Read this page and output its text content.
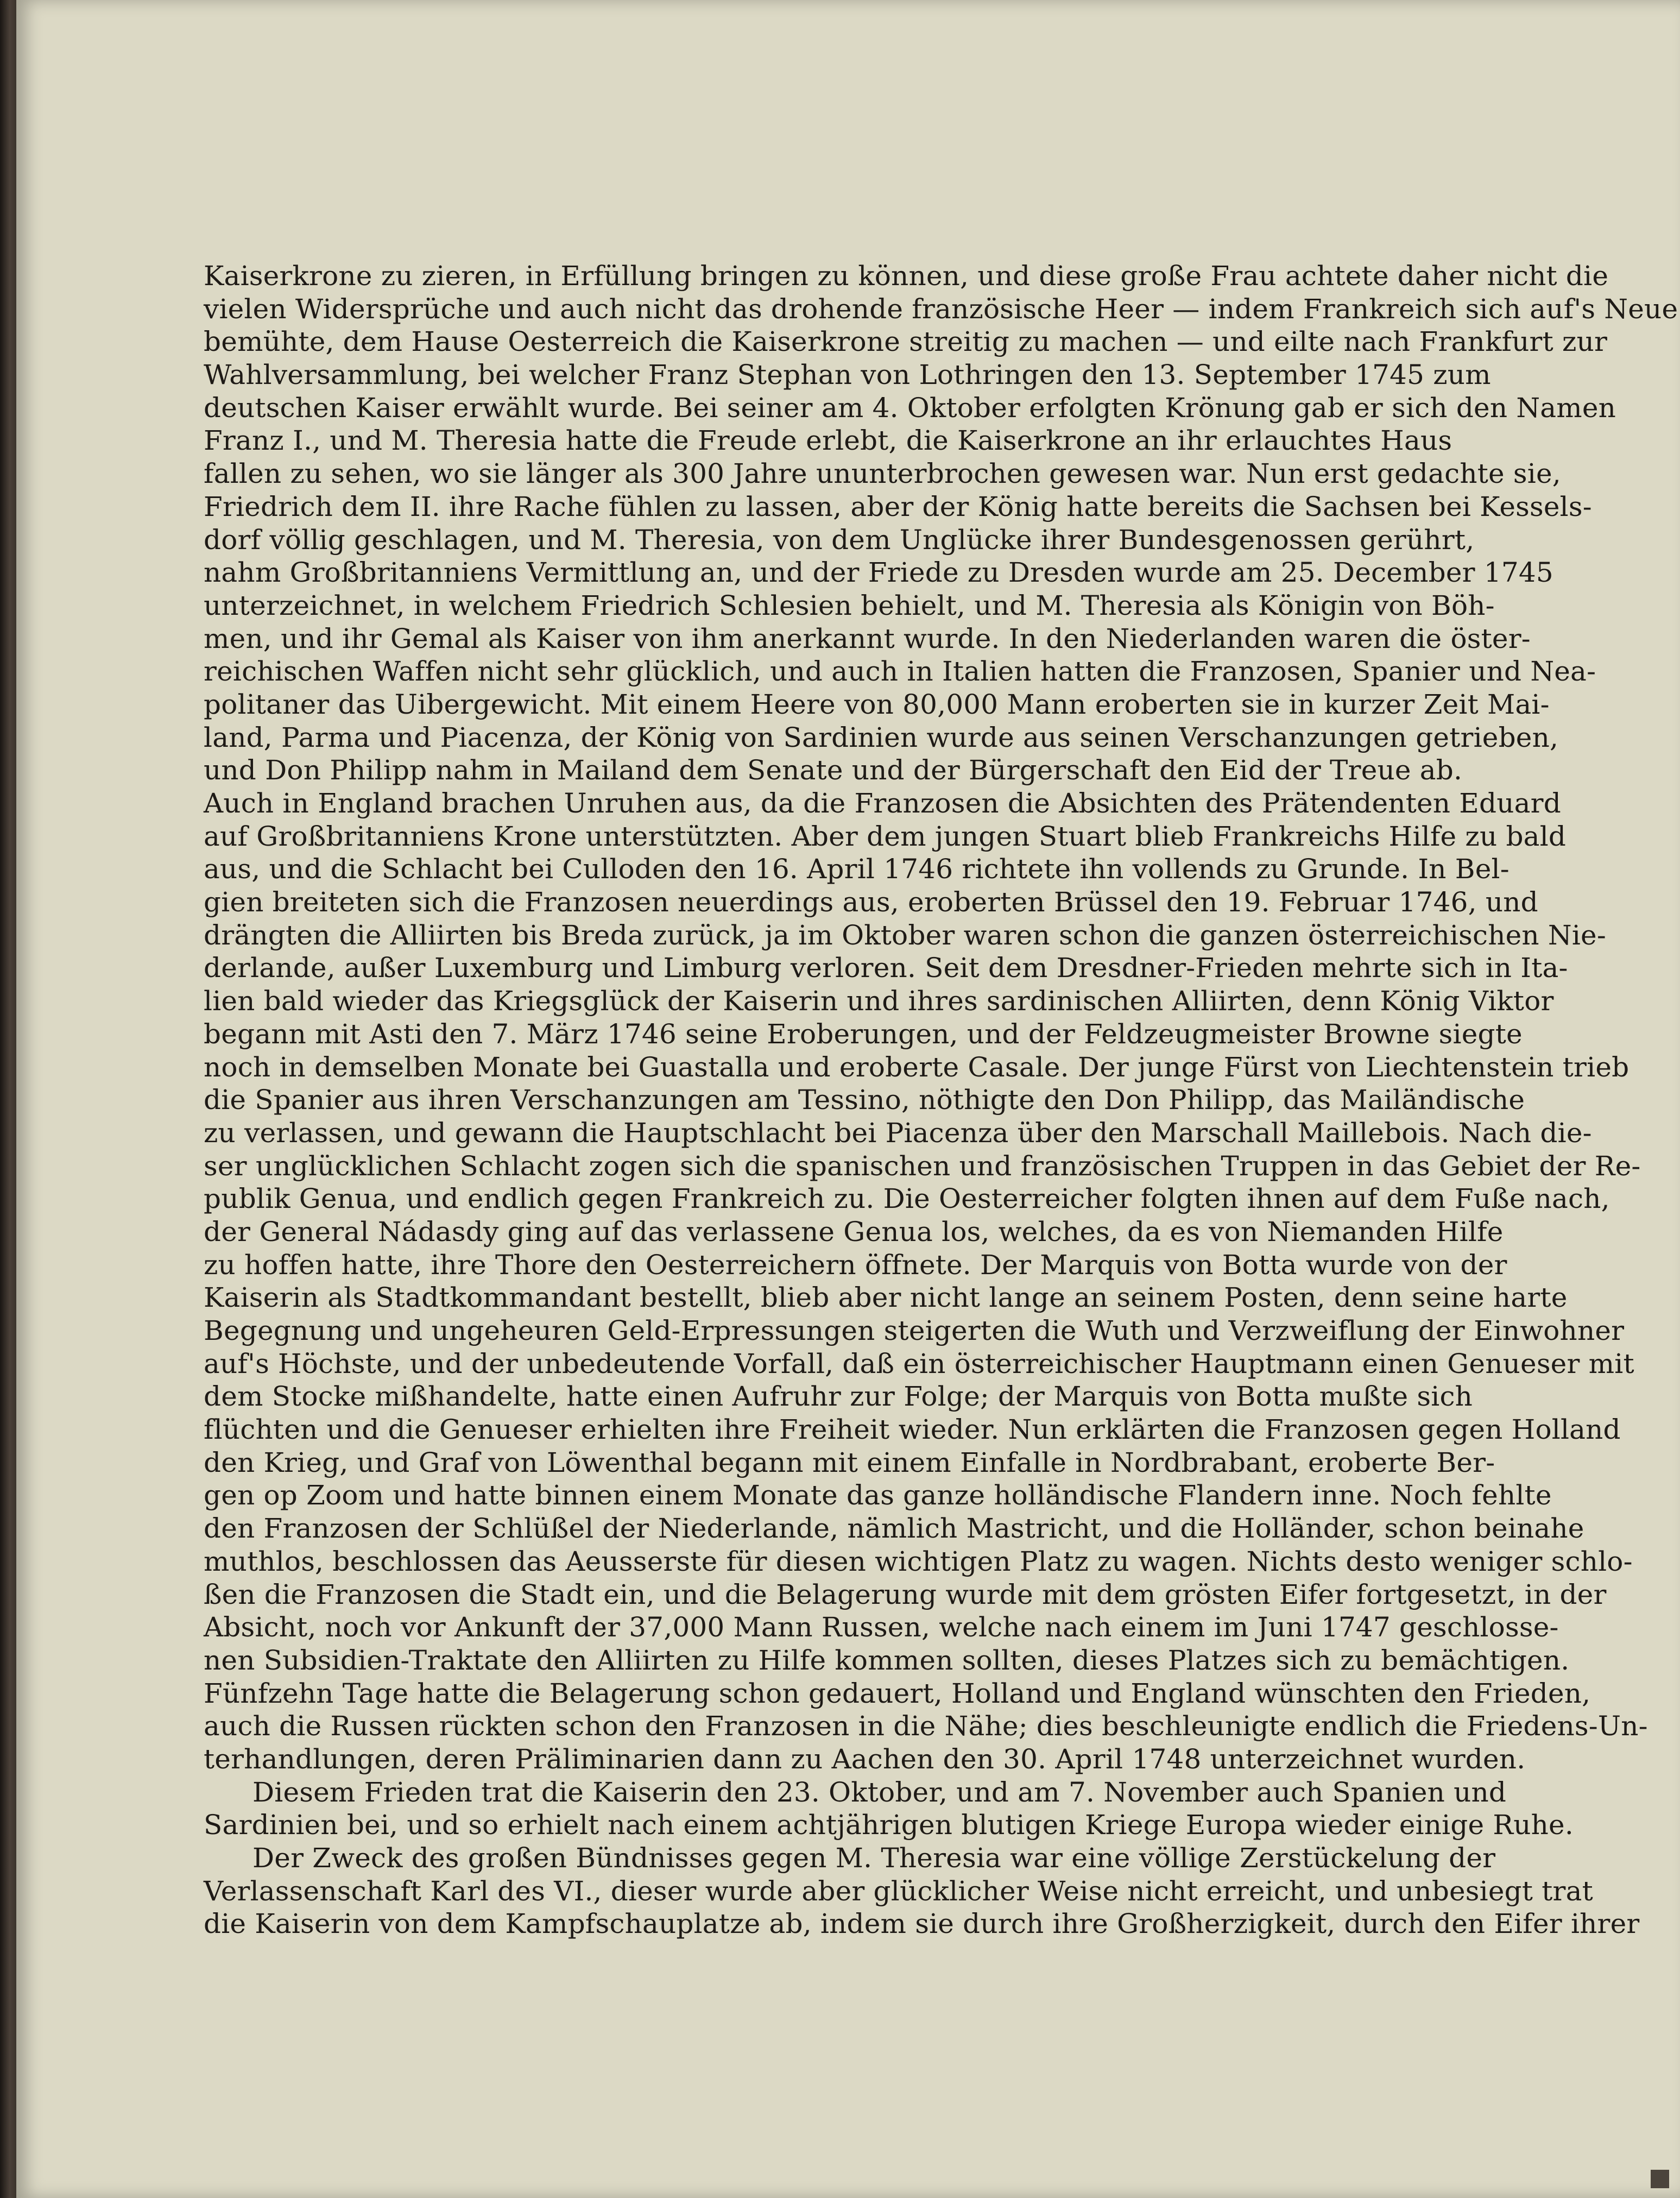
Kaiserkrone zu zieren, in Erfüllung bringen zu können, und diese große Frau achtete daher nicht die
vielen Widersprüche und auch nicht das drohende französische Heer — indem Frankreich sich auf's Neue
bemühte, dem Hause Oesterreich die Kaiserkrone streitig zu machen — und eilte nach Frankfurt zur
Wahlversammlung, bei welcher Franz Stephan von Lothringen den 13. September 1745 zum
deutschen Kaiser erwählt wurde. Bei seiner am 4. Oktober erfolgten Krönung gab er sich den Namen
Franz I., und M. Theresia hatte die Freude erlebt, die Kaiserkrone an ihr erlauchtes Haus
fallen zu sehen, wo sie länger als 300 Jahre ununterbrochen gewesen war. Nun erst gedachte sie,
Friedrich dem II. ihre Rache fühlen zu lassen, aber der König hatte bereits die Sachsen bei Kessels-
dorf völlig geschlagen, und M. Theresia, von dem Unglücke ihrer Bundesgenossen gerührt,
nahm Großbritanniens Vermittlung an, und der Friede zu Dresden wurde am 25. December 1745
unterzeichnet, in welchem Friedrich Schlesien behielt, und M. Theresia als Königin von Böh-
men, und ihr Gemal als Kaiser von ihm anerkannt wurde. In den Niederlanden waren die öster-
reichischen Waffen nicht sehr glücklich, und auch in Italien hatten die Franzosen, Spanier und Nea-
politaner das Uibergewicht. Mit einem Heere von 80,000 Mann eroberten sie in kurzer Zeit Mai-
land, Parma und Piacenza, der König von Sardinien wurde aus seinen Verschanzungen getrieben,
und Don Philipp nahm in Mailand dem Senate und der Bürgerschaft den Eid der Treue ab.
Auch in England brachen Unruhen aus, da die Franzosen die Absichten des Prätendenten Eduard
auf Großbritanniens Krone unterstützten. Aber dem jungen Stuart blieb Frankreichs Hilfe zu bald
aus, und die Schlacht bei Culloden den 16. April 1746 richtete ihn vollends zu Grunde. In Bel-
gien breiteten sich die Franzosen neuerdings aus, eroberten Brüssel den 19. Februar 1746, und
drängten die Alliirten bis Breda zurück, ja im Oktober waren schon die ganzen österreichischen Nie-
derlande, außer Luxemburg und Limburg verloren. Seit dem Dresdner-Frieden mehrte sich in Ita-
lien bald wieder das Kriegsglück der Kaiserin und ihres sardinischen Alliirten, denn König Viktor
begann mit Asti den 7. März 1746 seine Eroberungen, und der Feldzeugmeister Browne siegte
noch in demselben Monate bei Guastalla und eroberte Casale. Der junge Fürst von Liechtenstein trieb
die Spanier aus ihren Verschanzungen am Tessino, nöthigte den Don Philipp, das Mailändische
zu verlassen, und gewann die Hauptschlacht bei Piacenza über den Marschall Maillebois. Nach die-
ser unglücklichen Schlacht zogen sich die spanischen und französischen Truppen in das Gebiet der Re-
publik Genua, und endlich gegen Frankreich zu. Die Oesterreicher folgten ihnen auf dem Fuße nach,
der General Nádasdy ging auf das verlassene Genua los, welches, da es von Niemanden Hilfe
zu hoffen hatte, ihre Thore den Oesterreichern öffnete. Der Marquis von Botta wurde von der
Kaiserin als Stadtkommandant bestellt, blieb aber nicht lange an seinem Posten, denn seine harte
Begegnung und ungeheuren Geld-Erpressungen steigerten die Wuth und Verzweiflung der Einwohner
auf's Höchste, und der unbedeutende Vorfall, daß ein österreichischer Hauptmann einen Genueser mit
dem Stocke mißhandelte, hatte einen Aufruhr zur Folge; der Marquis von Botta mußte sich
flüchten und die Genueser erhielten ihre Freiheit wieder. Nun erklärten die Franzosen gegen Holland
den Krieg, und Graf von Löwenthal begann mit einem Einfalle in Nordbrabant, eroberte Ber-
gen op Zoom und hatte binnen einem Monate das ganze holländische Flandern inne. Noch fehlte
den Franzosen der Schlüßel der Niederlande, nämlich Mastricht, und die Holländer, schon beinahe
muthlos, beschlossen das Aeusserste für diesen wichtigen Platz zu wagen. Nichts desto weniger schlo-
ßen die Franzosen die Stadt ein, und die Belagerung wurde mit dem grösten Eifer fortgesetzt, in der
Absicht, noch vor Ankunft der 37,000 Mann Russen, welche nach einem im Juni 1747 geschlosse-
nen Subsidien-Traktate den Alliirten zu Hilfe kommen sollten, dieses Platzes sich zu bemächtigen.
Fünfzehn Tage hatte die Belagerung schon gedauert, Holland und England wünschten den Frieden,
auch die Russen rückten schon den Franzosen in die Nähe; dies beschleunigte endlich die Friedens-Un-
terhandlungen, deren Präliminarien dann zu Aachen den 30. April 1748 unterzeichnet wurden.
Diesem Frieden trat die Kaiserin den 23. Oktober, und am 7. November auch Spanien und
Sardinien bei, und so erhielt nach einem achtjährigen blutigen Kriege Europa wieder einige Ruhe.
Der Zweck des großen Bündnisses gegen M. Theresia war eine völlige Zerstückelung der
Verlassenschaft Karl des VI., dieser wurde aber glücklicher Weise nicht erreicht, und unbesiegt trat
die Kaiserin von dem Kampfschauplatze ab, indem sie durch ihre Großherzigkeit, durch den Eifer ihrer
